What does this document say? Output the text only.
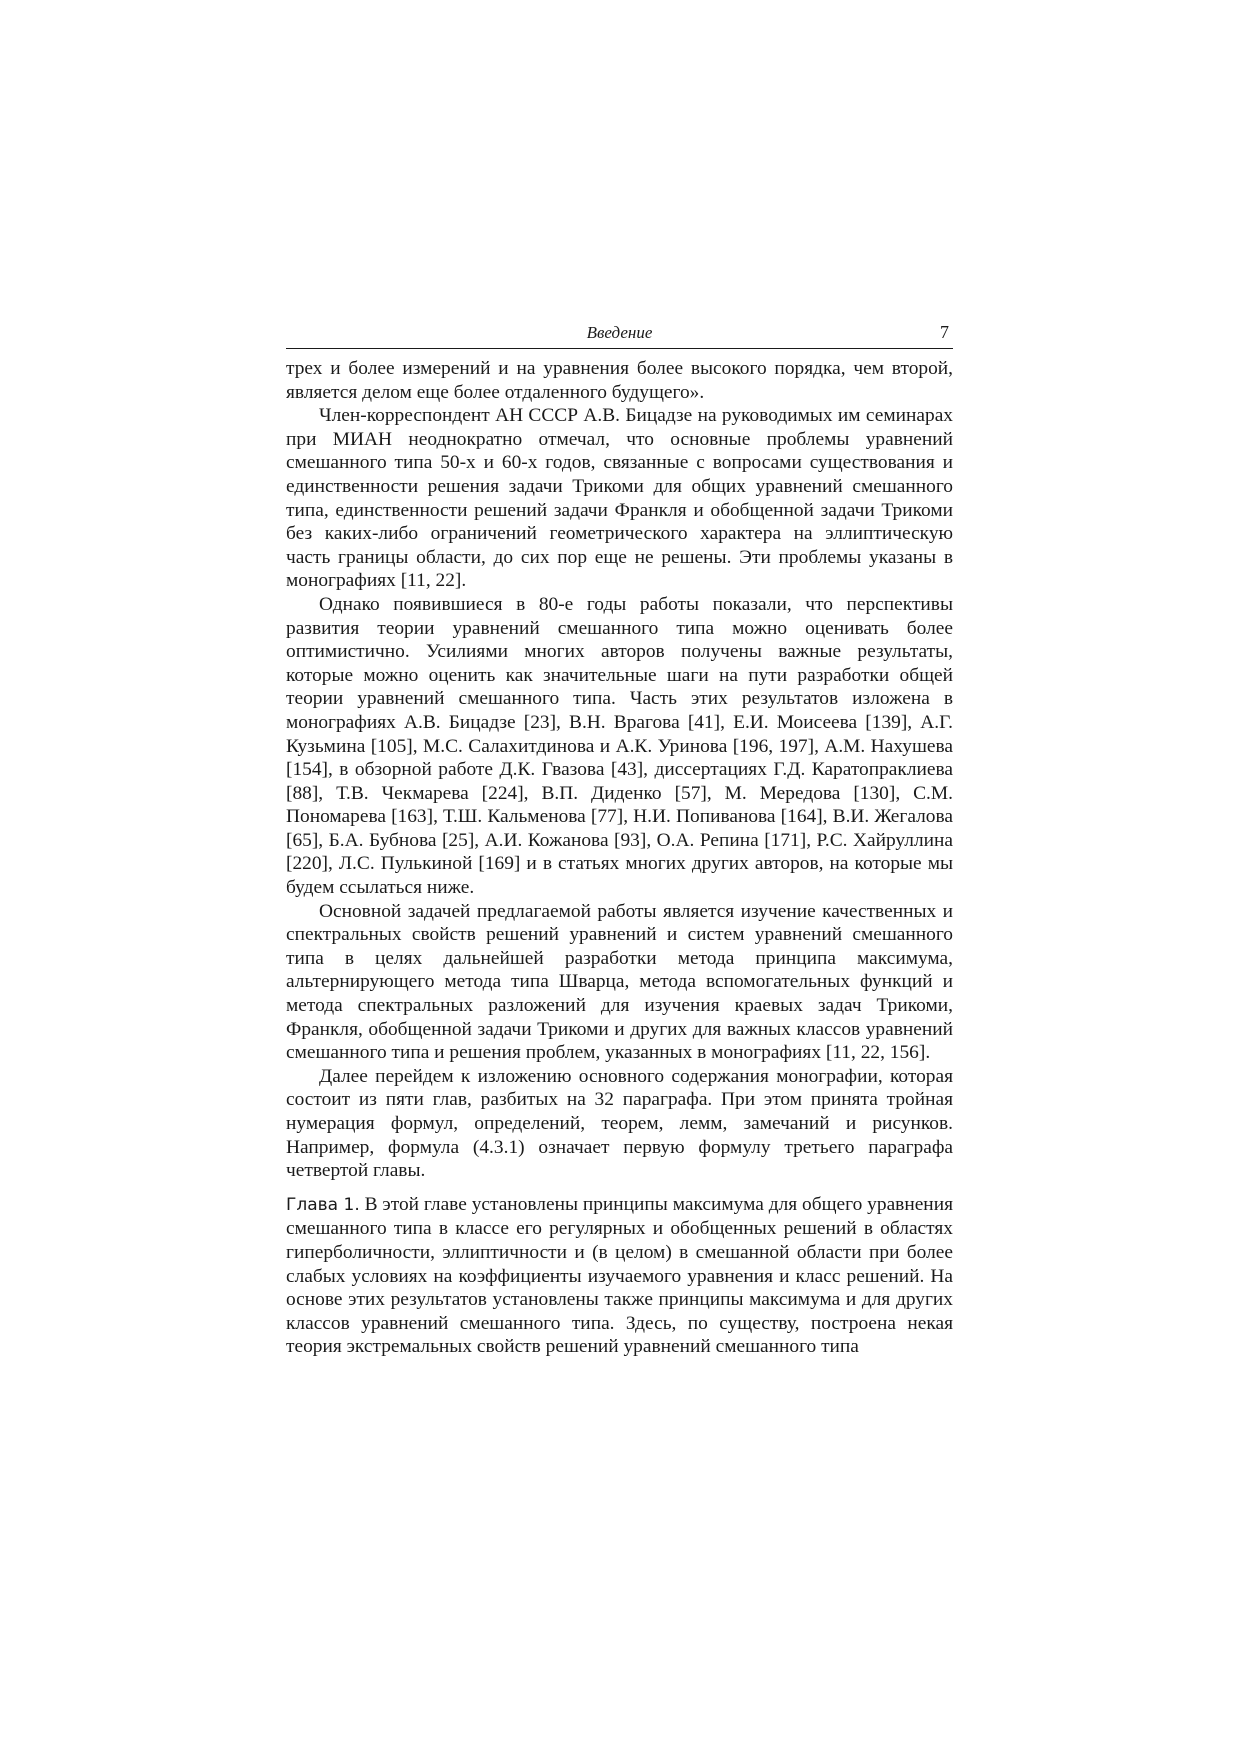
Введение	7

трех и более измерений и на уравнения более высокого порядка, чем второй, является делом еще более отдаленного будущего».

Член-корреспондент АН СССР А.В. Бицадзе на руководимых им семинарах при МИАН неоднократно отмечал, что основные проблемы уравнений смешанного типа 50-х и 60-х годов, связанные с вопросами существования и единственности решения задачи Трикоми для общих уравнений смешанного типа, единственности решений задачи Франкля и обобщенной задачи Трикоми без каких-либо ограничений геометрического характера на эллиптическую часть границы области, до сих пор еще не решены. Эти проблемы указаны в монографиях [11, 22].

Однако появившиеся в 80-е годы работы показали, что перспективы развития теории уравнений смешанного типа можно оценивать более оптимистично. Усилиями многих авторов получены важные результаты, которые можно оценить как значительные шаги на пути разработки общей теории уравнений смешанного типа. Часть этих результатов изложена в монографиях А.В. Бицадзе [23], В.Н. Врагова [41], Е.И. Моисеева [139], А.Г. Кузьмина [105], М.С. Салахитдинова и А.К. Уринова [196, 197], А.М. Нахушева [154], в обзорной работе Д.К. Гвазова [43], диссертациях Г.Д. Каратопраклиева [88], Т.В. Чекмарева [224], В.П. Диденко [57], М. Мередова [130], С.М. Пономарева [163], Т.Ш. Кальменова [77], Н.И. Попиванова [164], В.И. Жегалова [65], Б.А. Бубнова [25], А.И. Кожанова [93], О.А. Репина [171], Р.С. Хайруллина [220], Л.С. Пулькиной [169] и в статьях многих других авторов, на которые мы будем ссылаться ниже.

Основной задачей предлагаемой работы является изучение качественных и спектральных свойств решений уравнений и систем уравнений смешанного типа в целях дальнейшей разработки метода принципа максимума, альтернирующего метода типа Шварца, метода вспомогательных функций и метода спектральных разложений для изучения краевых задач Трикоми, Франкля, обобщенной задачи Трикоми и других для важных классов уравнений смешанного типа и решения проблем, указанных в монографиях [11, 22, 156].

Далее перейдем к изложению основного содержания монографии, которая состоит из пяти глав, разбитых на 32 параграфа. При этом принята тройная нумерация формул, определений, теорем, лемм, замечаний и рисунков. Например, формула (4.3.1) означает первую формулу третьего параграфа четвертой главы.

Глава 1. В этой главе установлены принципы максимума для общего уравнения смешанного типа в классе его регулярных и обобщенных решений в областях гиперболичности, эллиптичности и (в целом) в смешанной области при более слабых условиях на коэффициенты изучаемого уравнения и класс решений. На основе этих результатов установлены также принципы максимума и для других классов уравнений смешанного типа. Здесь, по существу, построена некая теория экстремальных свойств решений уравнений смешанного типа
